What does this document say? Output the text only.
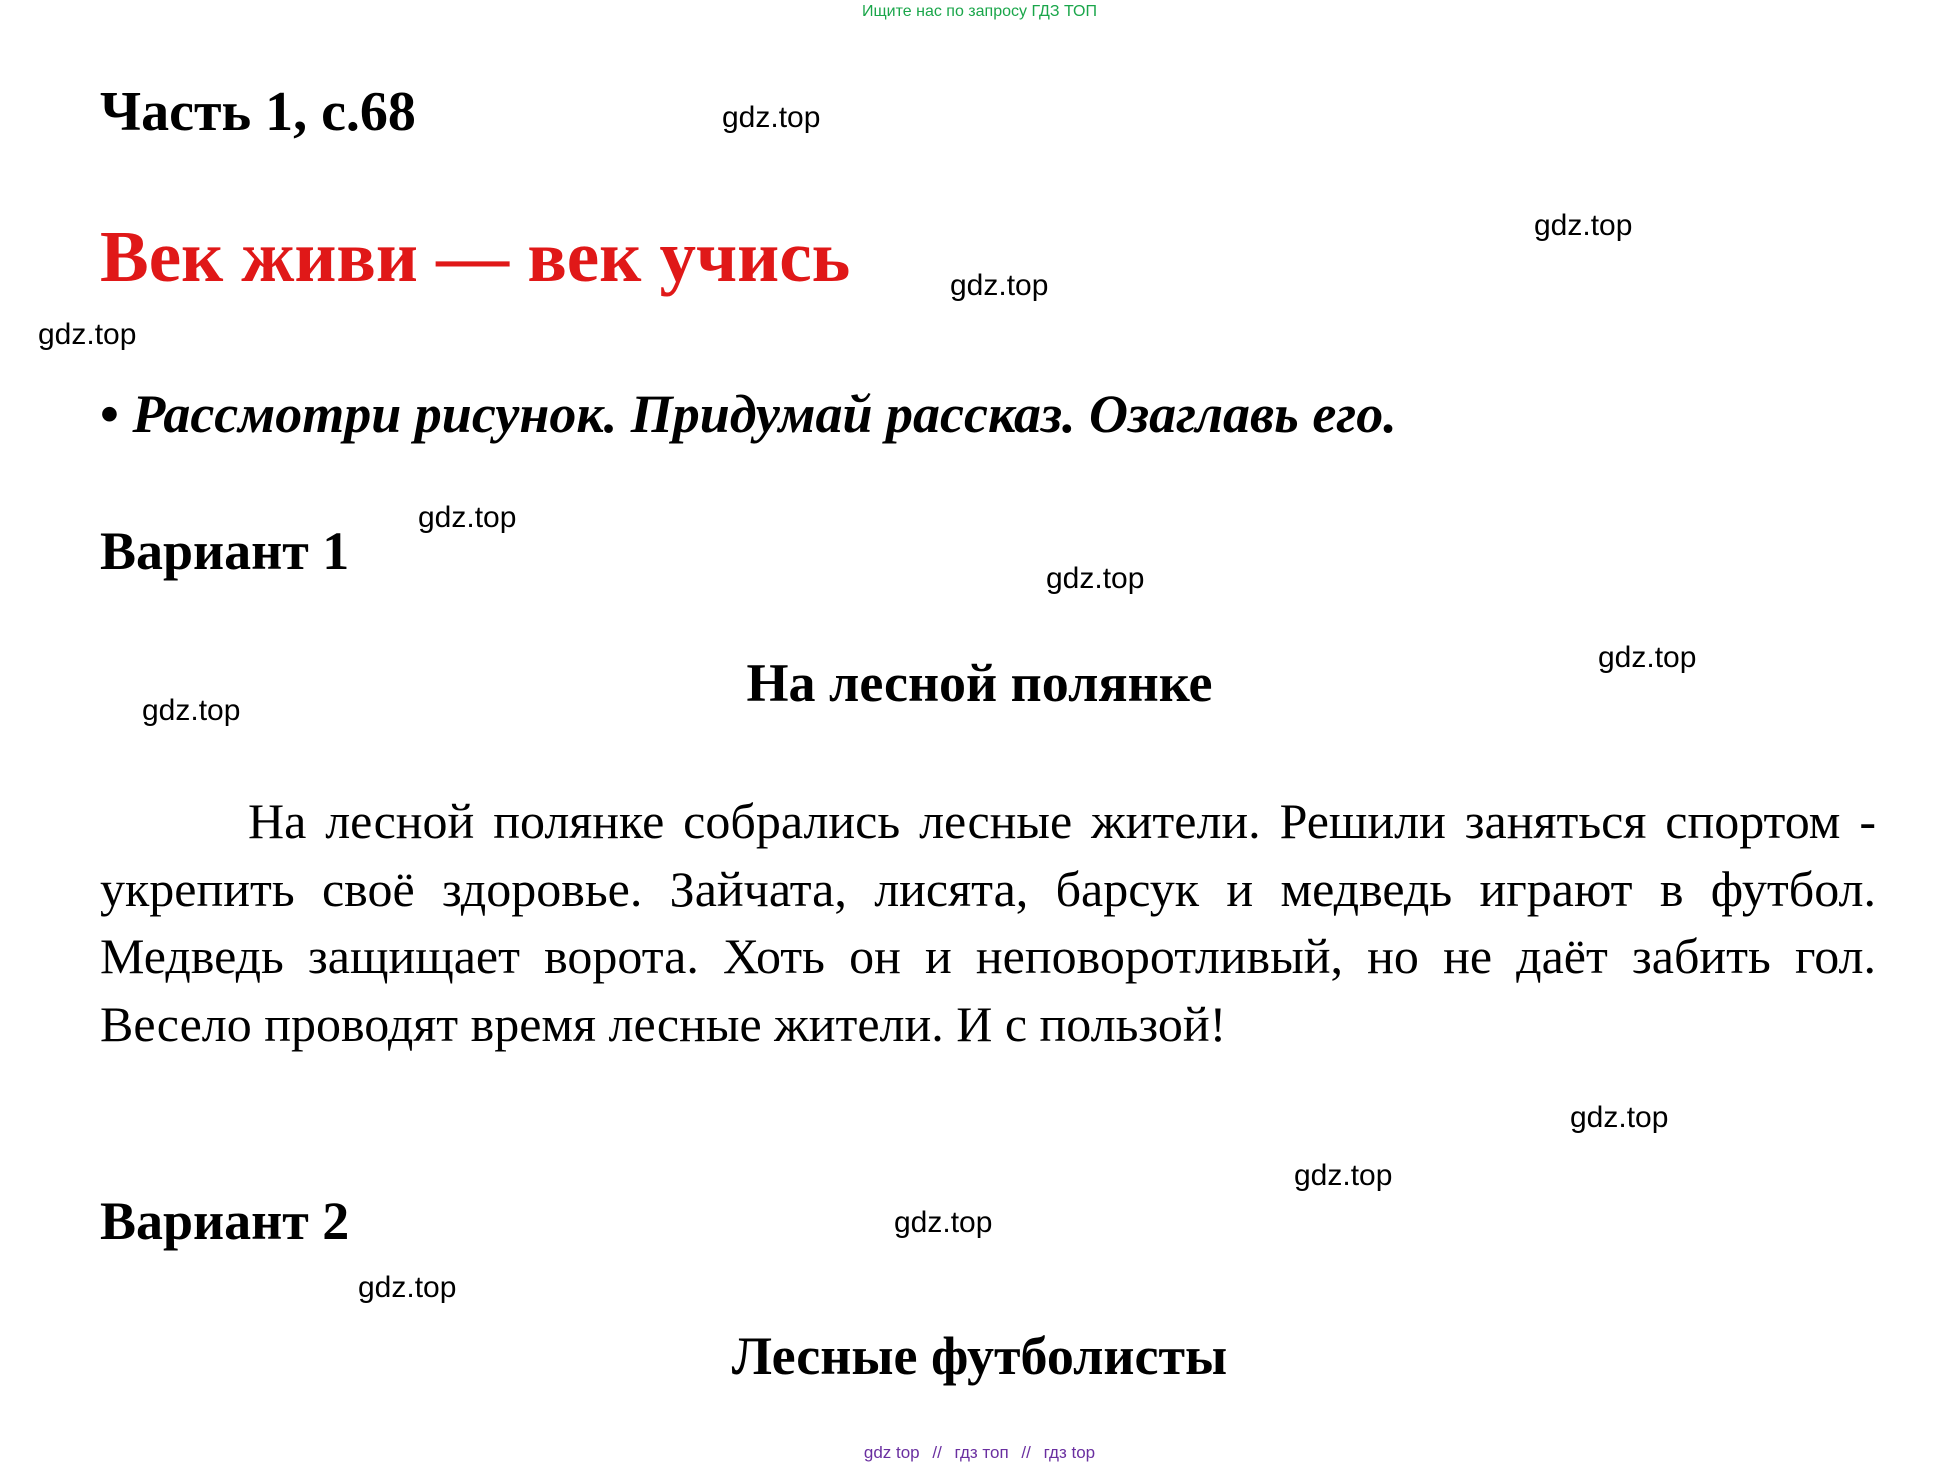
Ищите нас по запросу ГДЗ ТОП
Часть 1, с.68
Век живи — век учись
• Рассмотри рисунок. Придумай рассказ. Озаглавь его.
Вариант 1
На лесной полянке

На лесной полянке собрались лесные жители. Решили заняться спортом - укрепить своё здоровье. Зайчата, лисята, барсук и медведь играют в футбол. Медведь защищает ворота. Хоть он и неповоротливый, но не даёт забить гол. Весело проводят время лесные жители. И с пользой!

Вариант 2
Лесные футболисты
gdz.top
gdz.top
gdz.top
gdz.top
gdz.top
gdz.top
gdz.top
gdz.top
gdz.top
gdz.top
gdz.top
gdz.top
gdz top // гдз топ // гдз top
